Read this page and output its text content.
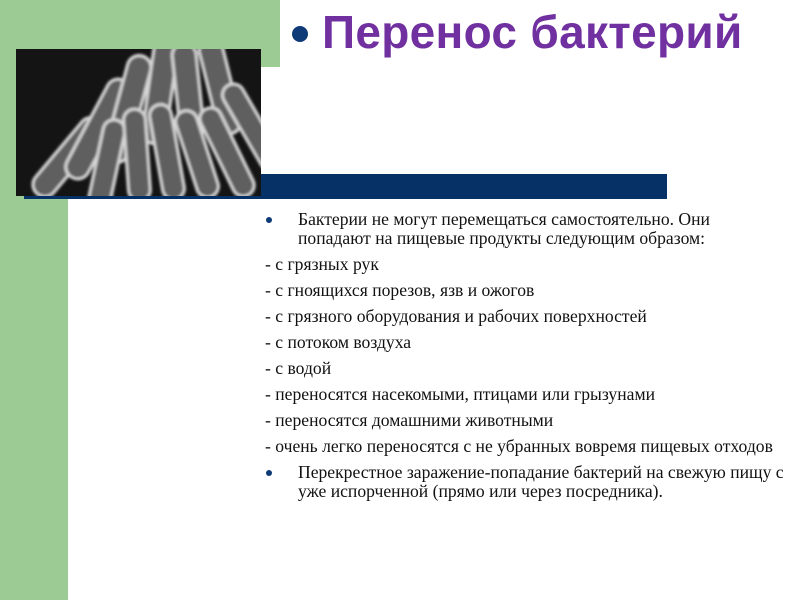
Перенос бактерий
Бактерии не могут перемещаться самостоятельно. Они попадают на пищевые продукты следующим образом:
- с грязных рук
- с гноящихся порезов, язв и ожогов
- с грязного оборудования и рабочих поверхностей
- с потоком воздуха
- с водой
- переносятся насекомыми, птицами или грызунами
- переносятся домашними животными
- очень легко переносятся с не убранных вовремя пищевых отходов
Перекрестное заражение-попадание бактерий на свежую пищу с уже испорченной (прямо или через посредника).
